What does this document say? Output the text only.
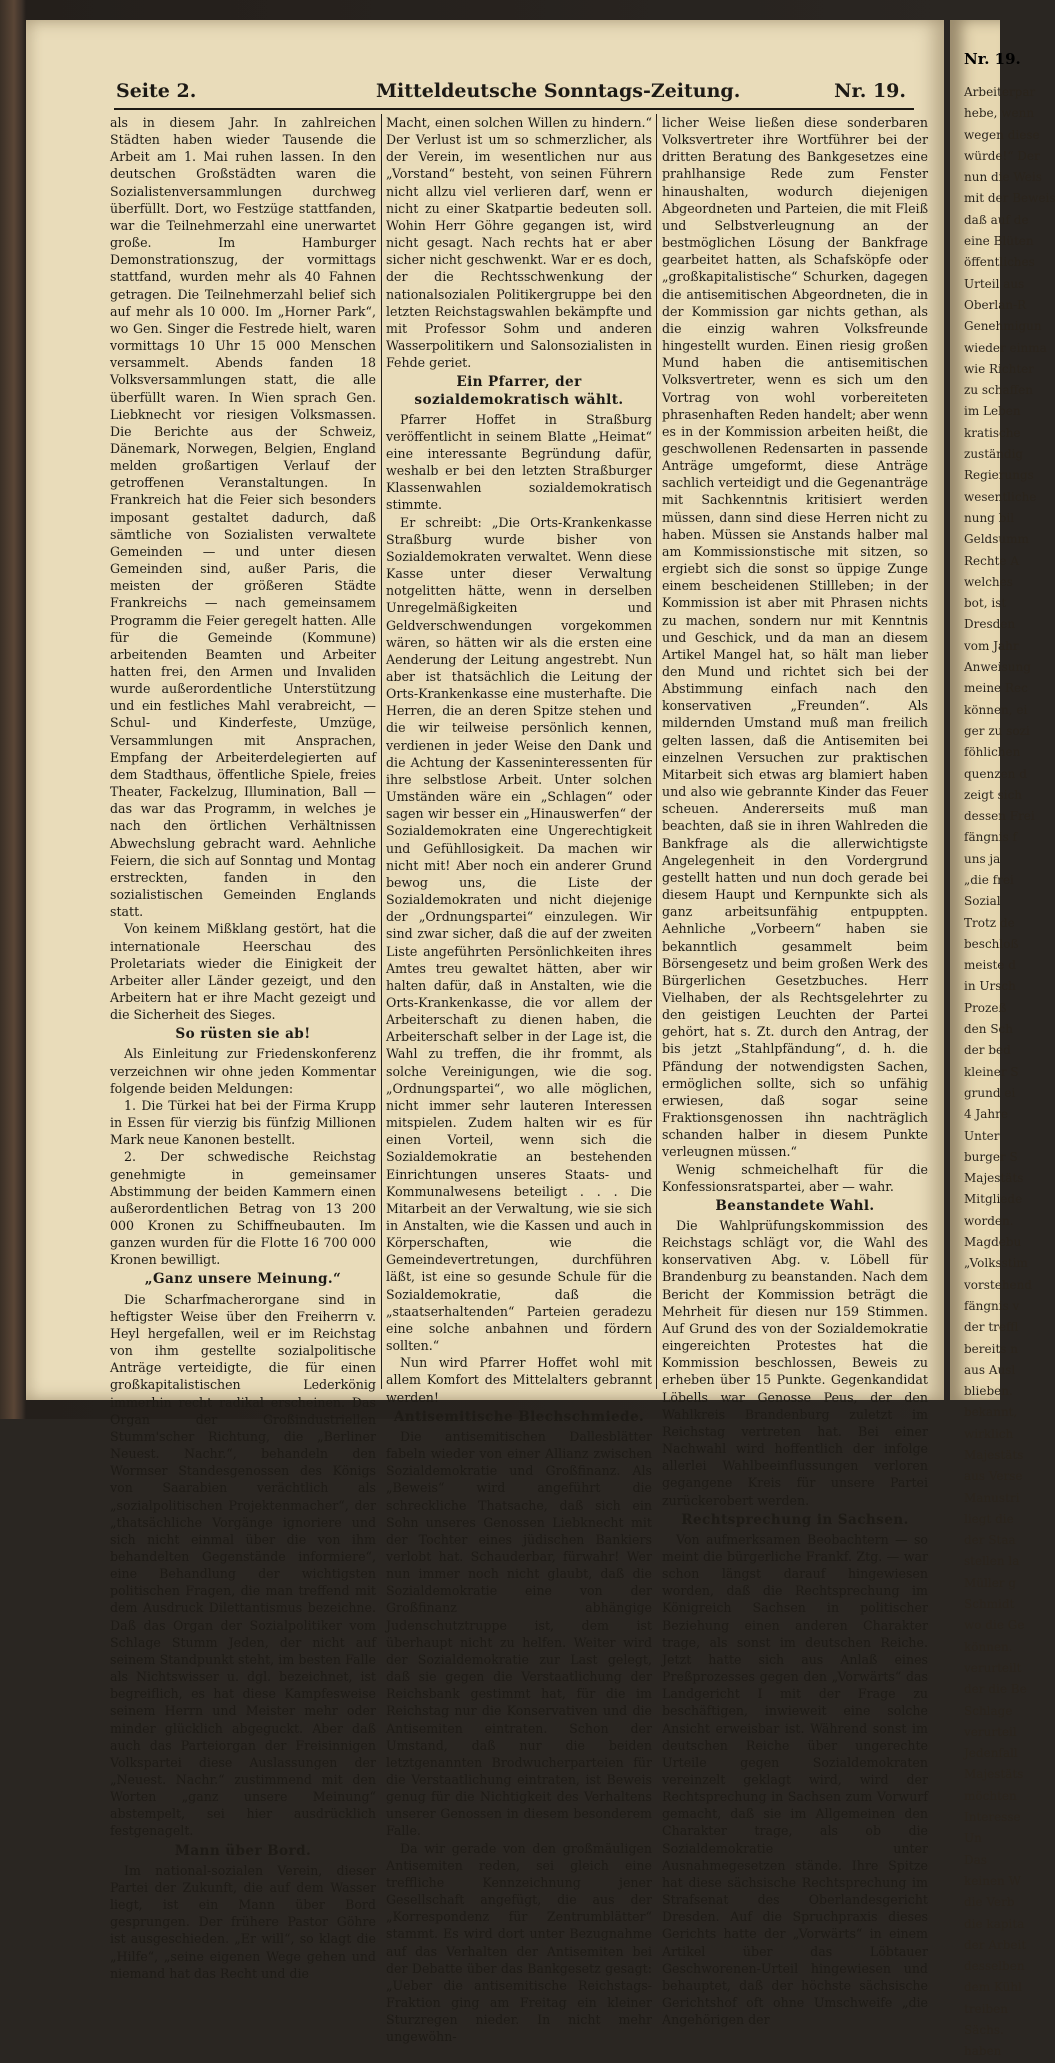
Seite 2.	Mitteldeutsche Sonntags-Zeitung.	Nr. 19.

als in diesem Jahr. In zahlreichen Städten haben wieder Tausende die Arbeit am 1. Mai ruhen lassen. In den deutschen Großstädten waren die Sozialistenversammlungen durchweg überfüllt. Dort, wo Festzüge stattfanden, war die Teilnehmerzahl eine unerwartet große. Im Hamburger Demonstrationszug, der vormittags stattfand, wurden mehr als 40 Fahnen getragen. Die Teilnehmerzahl belief sich auf mehr als 10 000. Im „Horner Park“, wo Gen. Singer die Festrede hielt, waren vormittags 10 Uhr 15 000 Menschen versammelt. Abends fanden 18 Volksversammlungen statt, die alle überfüllt waren. In Wien sprach Gen. Liebknecht vor riesigen Volksmassen. Die Berichte aus der Schweiz, Dänemark, Norwegen, Belgien, England melden großartigen Verlauf der getroffenen Veranstaltungen. In Frankreich hat die Feier sich besonders imposant gestaltet dadurch, daß sämtliche von Sozialisten verwaltete Gemeinden — und unter diesen Gemeinden sind, außer Paris, die meisten der größeren Städte Frankreichs — nach gemeinsamem Programm die Feier geregelt hatten. Alle für die Gemeinde (Kommune) arbeitenden Beamten und Arbeiter hatten frei, den Armen und Invaliden wurde außerordentliche Unterstützung und ein festliches Mahl verabreicht, — Schul- und Kinderfeste, Umzüge, Versammlungen mit Ansprachen, Empfang der Arbeiterdelegierten auf dem Stadthaus, öffentliche Spiele, freies Theater, Fackelzug, Illumination, Ball — das war das Programm, in welches je nach den örtlichen Verhältnissen Abwechslung gebracht ward. Aehnliche Feiern, die sich auf Sonntag und Montag erstreckten, fanden in den sozialistischen Gemeinden Englands statt.

Von keinem Mißklang gestört, hat die internationale Heerschau des Proletariats wieder die Einigkeit der Arbeiter aller Länder gezeigt, und den Arbeitern hat er ihre Macht gezeigt und die Sicherheit des Sieges.

So rüsten sie ab!

Als Einleitung zur Friedenskonferenz verzeichnen wir ohne jeden Kommentar folgende beiden Meldungen:

1. Die Türkei hat bei der Firma Krupp in Essen für vierzig bis fünfzig Millionen Mark neue Kanonen bestellt.

2. Der schwedische Reichstag genehmigte in gemeinsamer Abstimmung der beiden Kammern einen außerordentlichen Betrag von 13 200 000 Kronen zu Schiffneubauten. Im ganzen wurden für die Flotte 16 700 000 Kronen bewilligt.

„Ganz unsere Meinung.“

Die Scharfmacherorgane sind in heftigster Weise über den Freiherrn v. Heyl hergefallen, weil er im Reichstag von ihm gestellte sozialpolitische Anträge verteidigte, die für einen großkapitalistischen Lederkönig immerhin recht radikal erscheinen. Das Organ der Großindustriellen Stumm'scher Richtung, die „Berliner Neuest. Nachr.“, behandeln den Wormser Standesgenossen des Königs von Saarabien verächtlich als „sozialpolitischen Projektenmacher“, der „thatsächliche Vorgänge ignoriere und sich nicht einmal über die von ihm behandelten Gegenstände informiere“, eine Behandlung der wichtigsten politischen Fragen, die man treffend mit dem Ausdruck Dilettantismus bezeichne. Daß das Organ der Sozialpolitiker vom Schlage Stumm Jeden, der nicht auf seinem Standpunkt steht, im besten Falle als Nichtswisser u. dgl. bezeichnet, ist begreiflich, es hat diese Kampfesweise seinem Herrn und Meister mehr oder minder glücklich abgeguckt. Aber daß auch das Parteiorgan der Freisinnigen Volkspartei diese Auslassungen der „Neuest. Nachr.“ zustimmend mit den Worten „ganz unsere Meinung“ abstempelt, sei hier ausdrücklich festgenagelt.

Mann über Bord.

Im national-sozialen Verein, dieser Partei der Zukunft, die auf dem Wasser liegt, ist ein Mann über Bord gesprungen. Der frühere Pastor Göhre ist ausgeschieden. „Er will“, so klagt die „Hilfe“, „seine eigenen Wege gehen und niemand hat das Recht und die

Macht, einen solchen Willen zu hindern.“ Der Verlust ist um so schmerzlicher, als der Verein, im wesentlichen nur aus „Vorstand“ besteht, von seinen Führern nicht allzu viel verlieren darf, wenn er nicht zu einer Skatpartie bedeuten soll. Wohin Herr Göhre gegangen ist, wird nicht gesagt. Nach rechts hat er aber sicher nicht geschwenkt. War er es doch, der die Rechtsschwenkung der nationalsozialen Politikergruppe bei den letzten Reichstagswahlen bekämpfte und mit Professor Sohm und anderen Wasserpolitikern und Salonsozialisten in Fehde geriet.

Ein Pfarrer, der sozialdemokratisch wählt.

Pfarrer Hoffet in Straßburg veröffentlicht in seinem Blatte „Heimat“ eine interessante Begründung dafür, weshalb er bei den letzten Straßburger Klassenwahlen sozialdemokratisch stimmte.

Er schreibt: „Die Orts-Krankenkasse Straßburg wurde bisher von Sozialdemokraten verwaltet. Wenn diese Kasse unter dieser Verwaltung notgelitten hätte, wenn in derselben Unregelmäßigkeiten und Geldverschwendungen vorgekommen wären, so hätten wir als die ersten eine Aenderung der Leitung angestrebt. Nun aber ist thatsächlich die Leitung der Orts-Krankenkasse eine musterhafte. Die Herren, die an deren Spitze stehen und die wir teilweise persönlich kennen, verdienen in jeder Weise den Dank und die Achtung der Kasseninteressenten für ihre selbstlose Arbeit. Unter solchen Umständen wäre ein „Schlagen“ oder sagen wir besser ein „Hinauswerfen“ der Sozialdemokraten eine Ungerechtigkeit und Gefühllosigkeit. Da machen wir nicht mit! Aber noch ein anderer Grund bewog uns, die Liste der Sozialdemokraten und nicht diejenige der „Ordnungspartei“ einzulegen. Wir sind zwar sicher, daß die auf der zweiten Liste angeführten Persönlichkeiten ihres Amtes treu gewaltet hätten, aber wir halten dafür, daß in Anstalten, wie die Orts-Krankenkasse, die vor allem der Arbeiterschaft zu dienen haben, die Arbeiterschaft selber in der Lage ist, die Wahl zu treffen, die ihr frommt, als solche Vereinigungen, wie die sog. „Ordnungspartei“, wo alle möglichen, nicht immer sehr lauteren Interessen mitspielen. Zudem halten wir es für einen Vorteil, wenn sich die Sozialdemokratie an bestehenden Einrichtungen unseres Staats- und Kommunalwesens beteiligt . . . Die Mitarbeit an der Verwaltung, wie sie sich in Anstalten, wie die Kassen und auch in Körperschaften, wie die Gemeindevertretungen, durchführen läßt, ist eine so gesunde Schule für die Sozialdemokratie, daß die „staatserhaltenden“ Parteien geradezu eine solche anbahnen und fördern sollten.“

Nun wird Pfarrer Hoffet wohl mit allem Komfort des Mittelalters gebrannt werden!

Antisemitische Blechschmiede.

Die antisemitischen Dallesblätter fabeln wieder von einer Allianz zwischen Sozialdemokratie und Großfinanz. Als „Beweis“ wird angeführt die schreckliche Thatsache, daß sich ein Sohn unseres Genossen Liebknecht mit der Tochter eines jüdischen Bankiers verlobt hat. Schauderbar, fürwahr! Wer nun immer noch nicht glaubt, daß die Sozialdemokratie eine von der Großfinanz abhängige Judenschutztruppe ist, dem ist überhaupt nicht zu helfen. Weiter wird der Sozialdemokratie zur Last gelegt, daß sie gegen die Verstaatlichung der Reichsbank gestimmt hat, für die im Reichstag nur die Konservativen und die Antisemiten eintraten. Schon der Umstand, daß nur die beiden letztgenannten Brodwucherparteien für die Verstaatlichung eintraten, ist Beweis genug für die Nichtigkeit des Verhaltens unserer Genossen in diesem besonderem Falle.

Da wir gerade von den großmäuligen Antisemiten reden, sei gleich eine treffliche Kennzeichnung jener Gesellschaft angefügt, die aus der „Korrespondenz für Zentrumblätter“ stammt. Es wird dort unter Bezugnahme auf das Verhalten der Antisemiten bei der Debatte über das Bankgesetz gesagt: „Ueber die antisemitische Reichstags-Fraktion ging am Freitag ein kleiner Sturzregen nieder. In nicht mehr ungewöhn-

licher Weise ließen diese sonderbaren Volksvertreter ihre Wortführer bei der dritten Beratung des Bankgesetzes eine prahlhansige Rede zum Fenster hinaushalten, wodurch diejenigen Abgeordneten und Parteien, die mit Fleiß und Selbstverleugnung an der bestmöglichen Lösung der Bankfrage gearbeitet hatten, als Schafsköpfe oder „großkapitalistische“ Schurken, dagegen die antisemitischen Abgeordneten, die in der Kommission gar nichts gethan, als die einzig wahren Volksfreunde hingestellt wurden. Einen riesig großen Mund haben die antisemitischen Volksvertreter, wenn es sich um den Vortrag von wohl vorbereiteten phrasenhaften Reden handelt; aber wenn es in der Kommission arbeiten heißt, die geschwollenen Redensarten in passende Anträge umgeformt, diese Anträge sachlich verteidigt und die Gegenanträge mit Sachkenntnis kritisiert werden müssen, dann sind diese Herren nicht zu haben. Müssen sie Anstands halber mal am Kommissionstische mit sitzen, so ergiebt sich die sonst so üppige Zunge einem bescheidenen Stillleben; in der Kommission ist aber mit Phrasen nichts zu machen, sondern nur mit Kenntnis und Geschick, und da man an diesem Artikel Mangel hat, so hält man lieber den Mund und richtet sich bei der Abstimmung einfach nach den konservativen „Freunden“. Als mildernden Umstand muß man freilich gelten lassen, daß die Antisemiten bei einzelnen Versuchen zur praktischen Mitarbeit sich etwas arg blamiert haben und also wie gebrannte Kinder das Feuer scheuen. Andererseits muß man beachten, daß sie in ihren Wahlreden die Bankfrage als die allerwichtigste Angelegenheit in den Vordergrund gestellt hatten und nun doch gerade bei diesem Haupt und Kernpunkte sich als ganz arbeitsunfähig entpuppten. Aehnliche „Vorbeern“ haben sie bekanntlich gesammelt beim Börsengesetz und beim großen Werk des Bürgerlichen Gesetzbuches. Herr Vielhaben, der als Rechtsgelehrter zu den geistigen Leuchten der Partei gehört, hat s. Zt. durch den Antrag, der bis jetzt „Stahlpfändung“, d. h. die Pfändung der notwendigsten Sachen, ermöglichen sollte, sich so unfähig erwiesen, daß sogar seine Fraktionsgenossen ihn nachträglich schanden halber in diesem Punkte verleugnen müssen.“

Wenig schmeichelhaft für die Konfessionsratspartei, aber — wahr.

Beanstandete Wahl.

Die Wahlprüfungskommission des Reichstags schlägt vor, die Wahl des konservativen Abg. v. Löbell für Brandenburg zu beanstanden. Nach dem Bericht der Kommission beträgt die Mehrheit für diesen nur 159 Stimmen. Auf Grund des von der Sozialdemokratie eingereichten Protestes hat die Kommission beschlossen, Beweis zu erheben über 15 Punkte. Gegenkandidat Löbells war Genosse Peus, der den Wahlkreis Brandenburg zuletzt im Reichstag vertreten hat. Bei einer Nachwahl wird hoffentlich der infolge allerlei Wahlbeeinflussungen verloren gegangene Kreis für unsere Partei zurückerobert werden.

Rechtsprechung in Sachsen.

Von aufmerksamen Beobachtern — so meint die bürgerliche Frankf. Ztg. — war schon längst darauf hingewiesen worden, daß die Rechtsprechung im Königreich Sachsen in politischer Beziehung einen anderen Charakter trage, als sonst im deutschen Reiche. Jetzt hatte sich aus Anlaß eines Preßprozesses gegen den „Vorwärts“ das Landgericht I mit der Frage zu beschäftigen, inwieweit eine solche Ansicht erweisbar ist. Während sonst im deutschen Reiche über ungerechte Urteile gegen Sozialdemokraten vereinzelt geklagt wird, wird der Rechtsprechung in Sachsen zum Vorwurf gemacht, daß sie im Allgemeinen den Charakter trage, als ob die Sozialdemokratie unter Ausnahmegesetzen stände. Ihre Spitze hat diese sächsische Rechtsprechung im Strafsenat des Oberlandesgericht Dresden. Auf die Spruchpraxis dieses Gerichts hatte der „Vorwärts“ in einem Artikel über das Löbtauer Geschworenen-Urteil hingewiesen und behauptet, daß der höchste sächsische Gerichtshof oft ohne Umschweife „die Angehörigen der

Nr. 19.
Arbeiterpar
hebe, wenn
wegen diese
würde!“ Der
nun die Weis
mit der Beweis
daß auf de
eine Blüten
öffentliches
Urteil aus
Oberlan-R
Genehmigun
wieder einma
wie Richter
zu schaffen
im Leben
kratische
zuständig
Regierungs
wesentliche
nung bil
Geldsumm
Rechte A
welches
bot, ist
Dresden
vom Jahr
Anweisung
meine Rec
können, ei
ger zu sozi
föhlichen
quenzen d
zeigt sich
dessen Frei
fängnis f
uns ja
„die frei
Sozial
Trotz de
beschloß
meiste d
in Ursch
Prozeß
den Sch
der bed
kleiner S
grund ei
4 Jahre
Unter
burger S
Majestäts
Mitgliede
worden.
Magdebu
„Volksstim
vorstehend
fängnis v
der treffl
bereits n
aus Ausl
blieben.
bekannt,
wirklich
Majestäts
aus Verse
Manustri
liegt die
der Staa
stellen la
Müller g
Schmidt
wo die Ge
können.
verurteilt
der die Be
Schlage
verurteil
Jedenfall
Majestäts
möchten
Interesse
Un
Das
keinen W
die Verb
die kapita
der Arbeit
desselben
dem Kühl
treiben
Sächs.
haben
